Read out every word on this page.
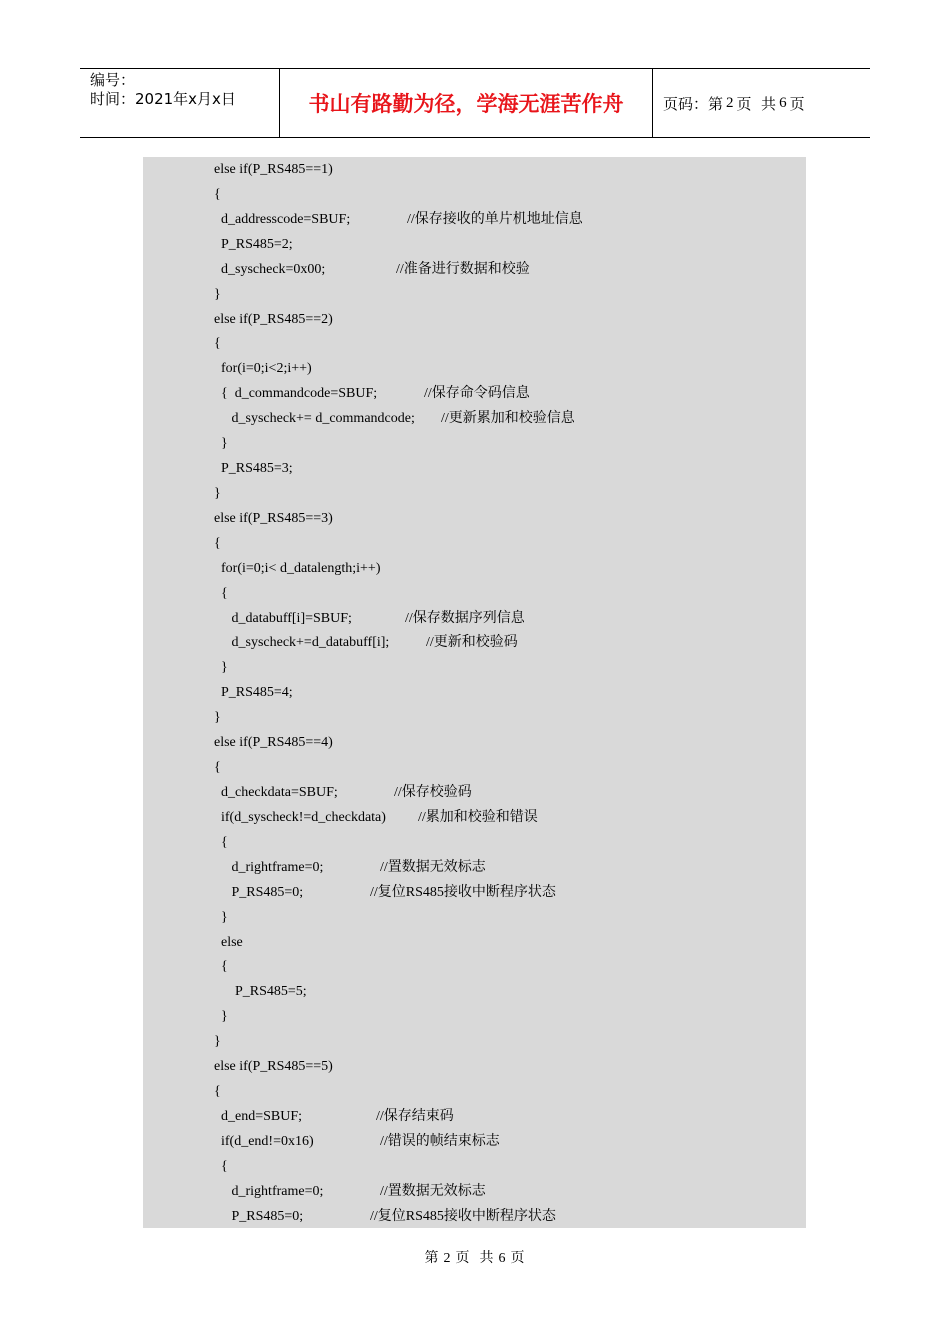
编号：
时间：2021年x月x日	书山有路勤为径，学海无涯苦作舟	页码：第 2 页  共 6 页
else if(P_RS485==1)
{
d_addresscode=SBUF;	//保存接收的单片机地址信息
P_RS485=2;
d_syscheck=0x00;	//准备进行数据和校验
}
else if(P_RS485==2)
{
for(i=0;i<2;i++)
{  d_commandcode=SBUF;	//保存命令码信息
d_syscheck+= d_commandcode; //更新累加和校验信息
}
P_RS485=3;
}
else if(P_RS485==3)
{
for(i=0;i< d_datalength;i++)
{
d_databuff[i]=SBUF;	//保存数据序列信息
d_syscheck+=d_databuff[i];	//更新和校验码
}
P_RS485=4;
}
else if(P_RS485==4)
{
d_checkdata=SBUF;	//保存校验码
if(d_syscheck!=d_checkdata) //累加和校验和错误
{
d_rightframe=0;	//置数据无效标志
P_RS485=0;	//复位RS485接收中断程序状态
}
else
{
P_RS485=5;
}
}
else if(P_RS485==5)
{
d_end=SBUF;	//保存结束码
if(d_end!=0x16)	//错误的帧结束标志
{
d_rightframe=0;	//置数据无效标志
P_RS485=0;	//复位RS485接收中断程序状态
第 2 页  共 6 页
